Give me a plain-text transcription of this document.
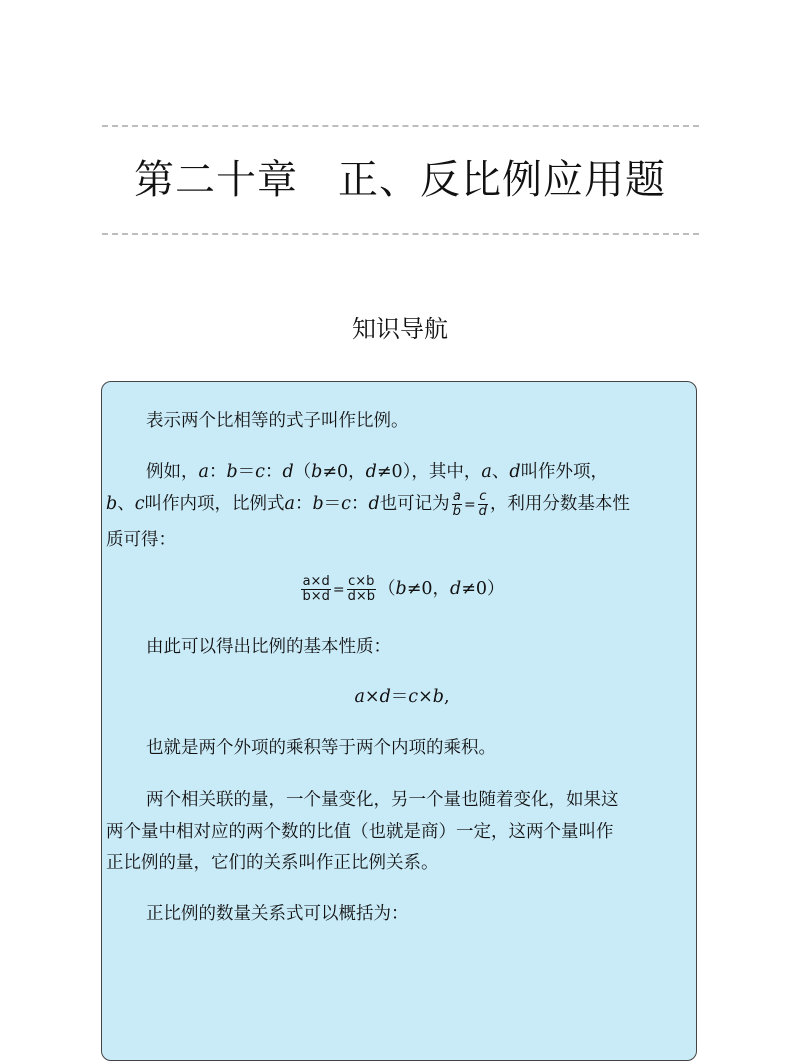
第二十章 正、反比例应用题
知识导航
表示两个比相等的式子叫作比例。
例如，a：b＝c：d（b≠0，d≠0），其中，a、d叫作外项，
b、c叫作内项，比例式a：b＝c：d也可记为 $\frac{a}{b} = \frac{c}{d}$ ，利用分数基本性
质可得：
$\frac{a\times d}{b\times d} = \frac{c\times b}{d\times b} (b\ne 0$，d≠0）
由此可以得出比例的基本性质：
a×d＝c×b,
也就是两个外项的乘积等于两个内项的乘积。
两个相关联的量，一个量变化，另一个量也随着变化，如果这
两个量中相对应的两个数的比值（也就是商）一定，这两个量叫作
正比例的量，它们的关系叫作正比例关系。
正比例的数量关系式可以概括为：
